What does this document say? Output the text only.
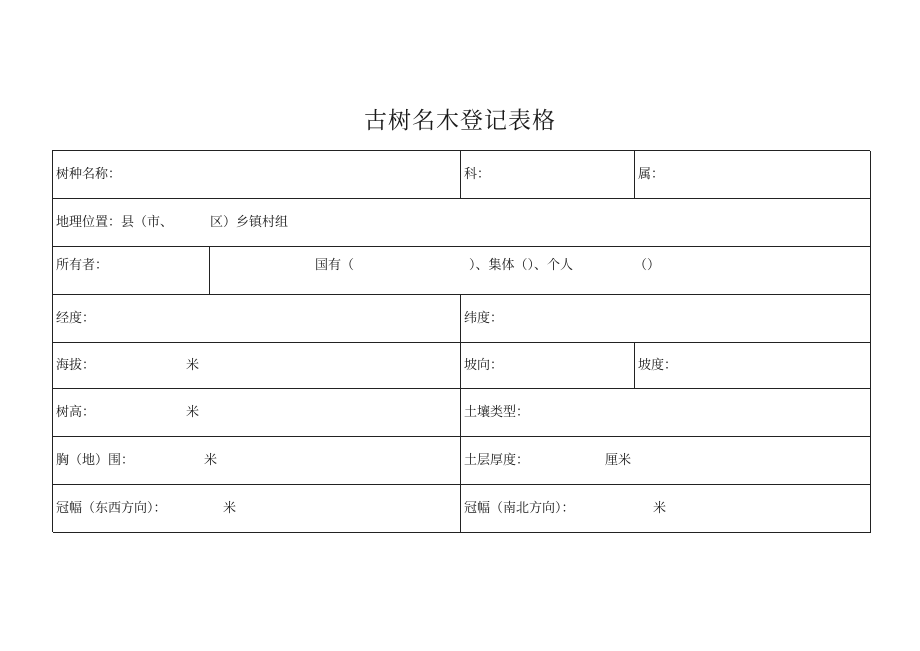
古树名木登记表格
树种名称：	科：	属：
地理位置：县（市、	区）乡镇村组
所有者：	国有（	）、集体（）、个人	（）
经度：	纬度：
海拔：	米	坡向：	坡度：
树高：	米	土壤类型：
胸（地）围：	米	土层厚度：	厘米
冠幅（东西方向）：	米	冠幅（南北方向）：	米
